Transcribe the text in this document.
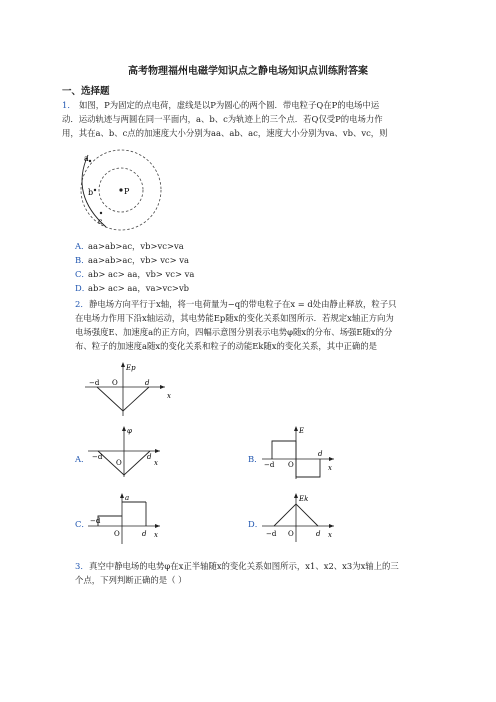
高考物理福州电磁学知识点之静电场知识点训练附答案
一、选择题
1． 如图，P为固定的点电荷，虚线是以P为圆心的两个圆．带电粒子Q在P的电场中运
动．运动轨迹与两圆在同一平面内，a、b、c为轨迹上的三个点．若Q仅受P的电场力作
用，其在a、b、c点的加速度大小分别为aa、ab、ac，速度大小分别为va、vb、vc，则
a
b
c
P
A．
aa>ab>ac，vb>vc>va
B．
aa>ab>ac，vb> vc> va
C．
ab> ac> aa，vb> vc> va
D．
ab> ac> aa，va>vc>vb
2． 静电场方向平行于x轴，将一电荷量为−q的带电粒子在x = d处由静止释放，粒子只
在电场力作用下沿x轴运动，其电势能Ep随x的变化关系如图所示．若规定x轴正方向为
电场强度E、加速度a的正方向，四幅示意图分别表示电势φ随x的分布、场强E随x的分
布、粒子的加速度a随x的变化关系和粒子的动能Ek随x的变化关系，其中正确的是
Ep
x
−d O	d
A．
φ
x
−d
O
d	B．
E
x
−d O
d
C．
a
x
−d
O	d
D．
Ek
x
−d O	d
3． 真空中静电场的电势φ在x正半轴随x的变化关系如图所示，x1、x2、x3为x轴上的三
个点，下列判断正确的是（ ）
